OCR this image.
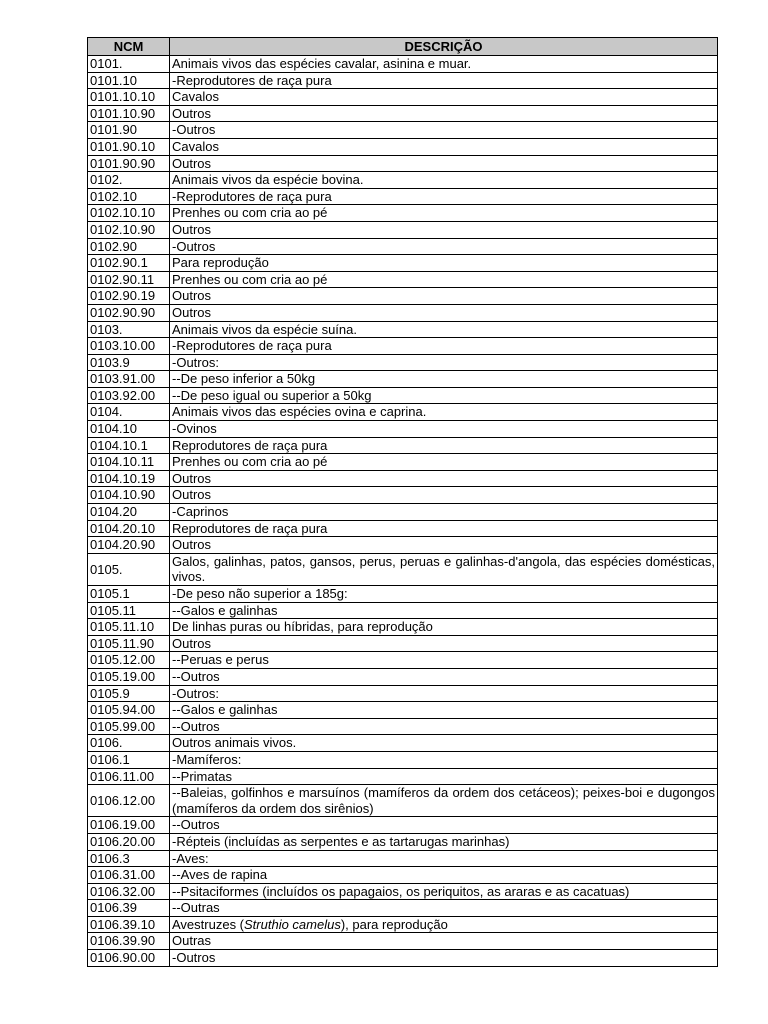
NCM	DESCRIÇÃO
0101.	Animais vivos das espécies cavalar, asinina e muar.
0101.10	-Reprodutores de raça pura
0101.10.10	Cavalos
0101.10.90	Outros
0101.90	-Outros
0101.90.10	Cavalos
0101.90.90	Outros
0102.	Animais vivos da espécie bovina.
0102.10	-Reprodutores de raça pura
0102.10.10	Prenhes ou com cria ao pé
0102.10.90	Outros
0102.90	-Outros
0102.90.1	Para reprodução
0102.90.11	Prenhes ou com cria ao pé
0102.90.19	Outros
0102.90.90	Outros
0103.	Animais vivos da espécie suína.
0103.10.00	-Reprodutores de raça pura
0103.9	-Outros:
0103.91.00	--De peso inferior a 50kg
0103.92.00	--De peso igual ou superior a 50kg
0104.	Animais vivos das espécies ovina e caprina.
0104.10	-Ovinos
0104.10.1	Reprodutores de raça pura
0104.10.11	Prenhes ou com cria ao pé
0104.10.19	Outros
0104.10.90	Outros
0104.20	-Caprinos
0104.20.10	Reprodutores de raça pura
0104.20.90	Outros
0105.	Galos, galinhas, patos, gansos, perus, peruas e galinhas-d'angola, das espécies domésticas, vivos.
0105.1	-De peso não superior a 185g:
0105.11	--Galos e galinhas
0105.11.10	De linhas puras ou híbridas, para reprodução
0105.11.90	Outros
0105.12.00	--Peruas e perus
0105.19.00	--Outros
0105.9	-Outros:
0105.94.00	--Galos e galinhas
0105.99.00	--Outros
0106.	Outros animais vivos.
0106.1	-Mamíferos:
0106.11.00	--Primatas
0106.12.00	--Baleias, golfinhos e marsuínos (mamíferos da ordem dos cetáceos); peixes-boi e dugongos (mamíferos da ordem dos sirênios)
0106.19.00	--Outros
0106.20.00	-Répteis (incluídas as serpentes e as tartarugas marinhas)
0106.3	-Aves:
0106.31.00	--Aves de rapina
0106.32.00	--Psitaciformes (incluídos os papagaios, os periquitos, as araras e as cacatuas)
0106.39	--Outras
0106.39.10	Avestruzes (Struthio camelus), para reprodução
0106.39.90	Outras
0106.90.00	-Outros
